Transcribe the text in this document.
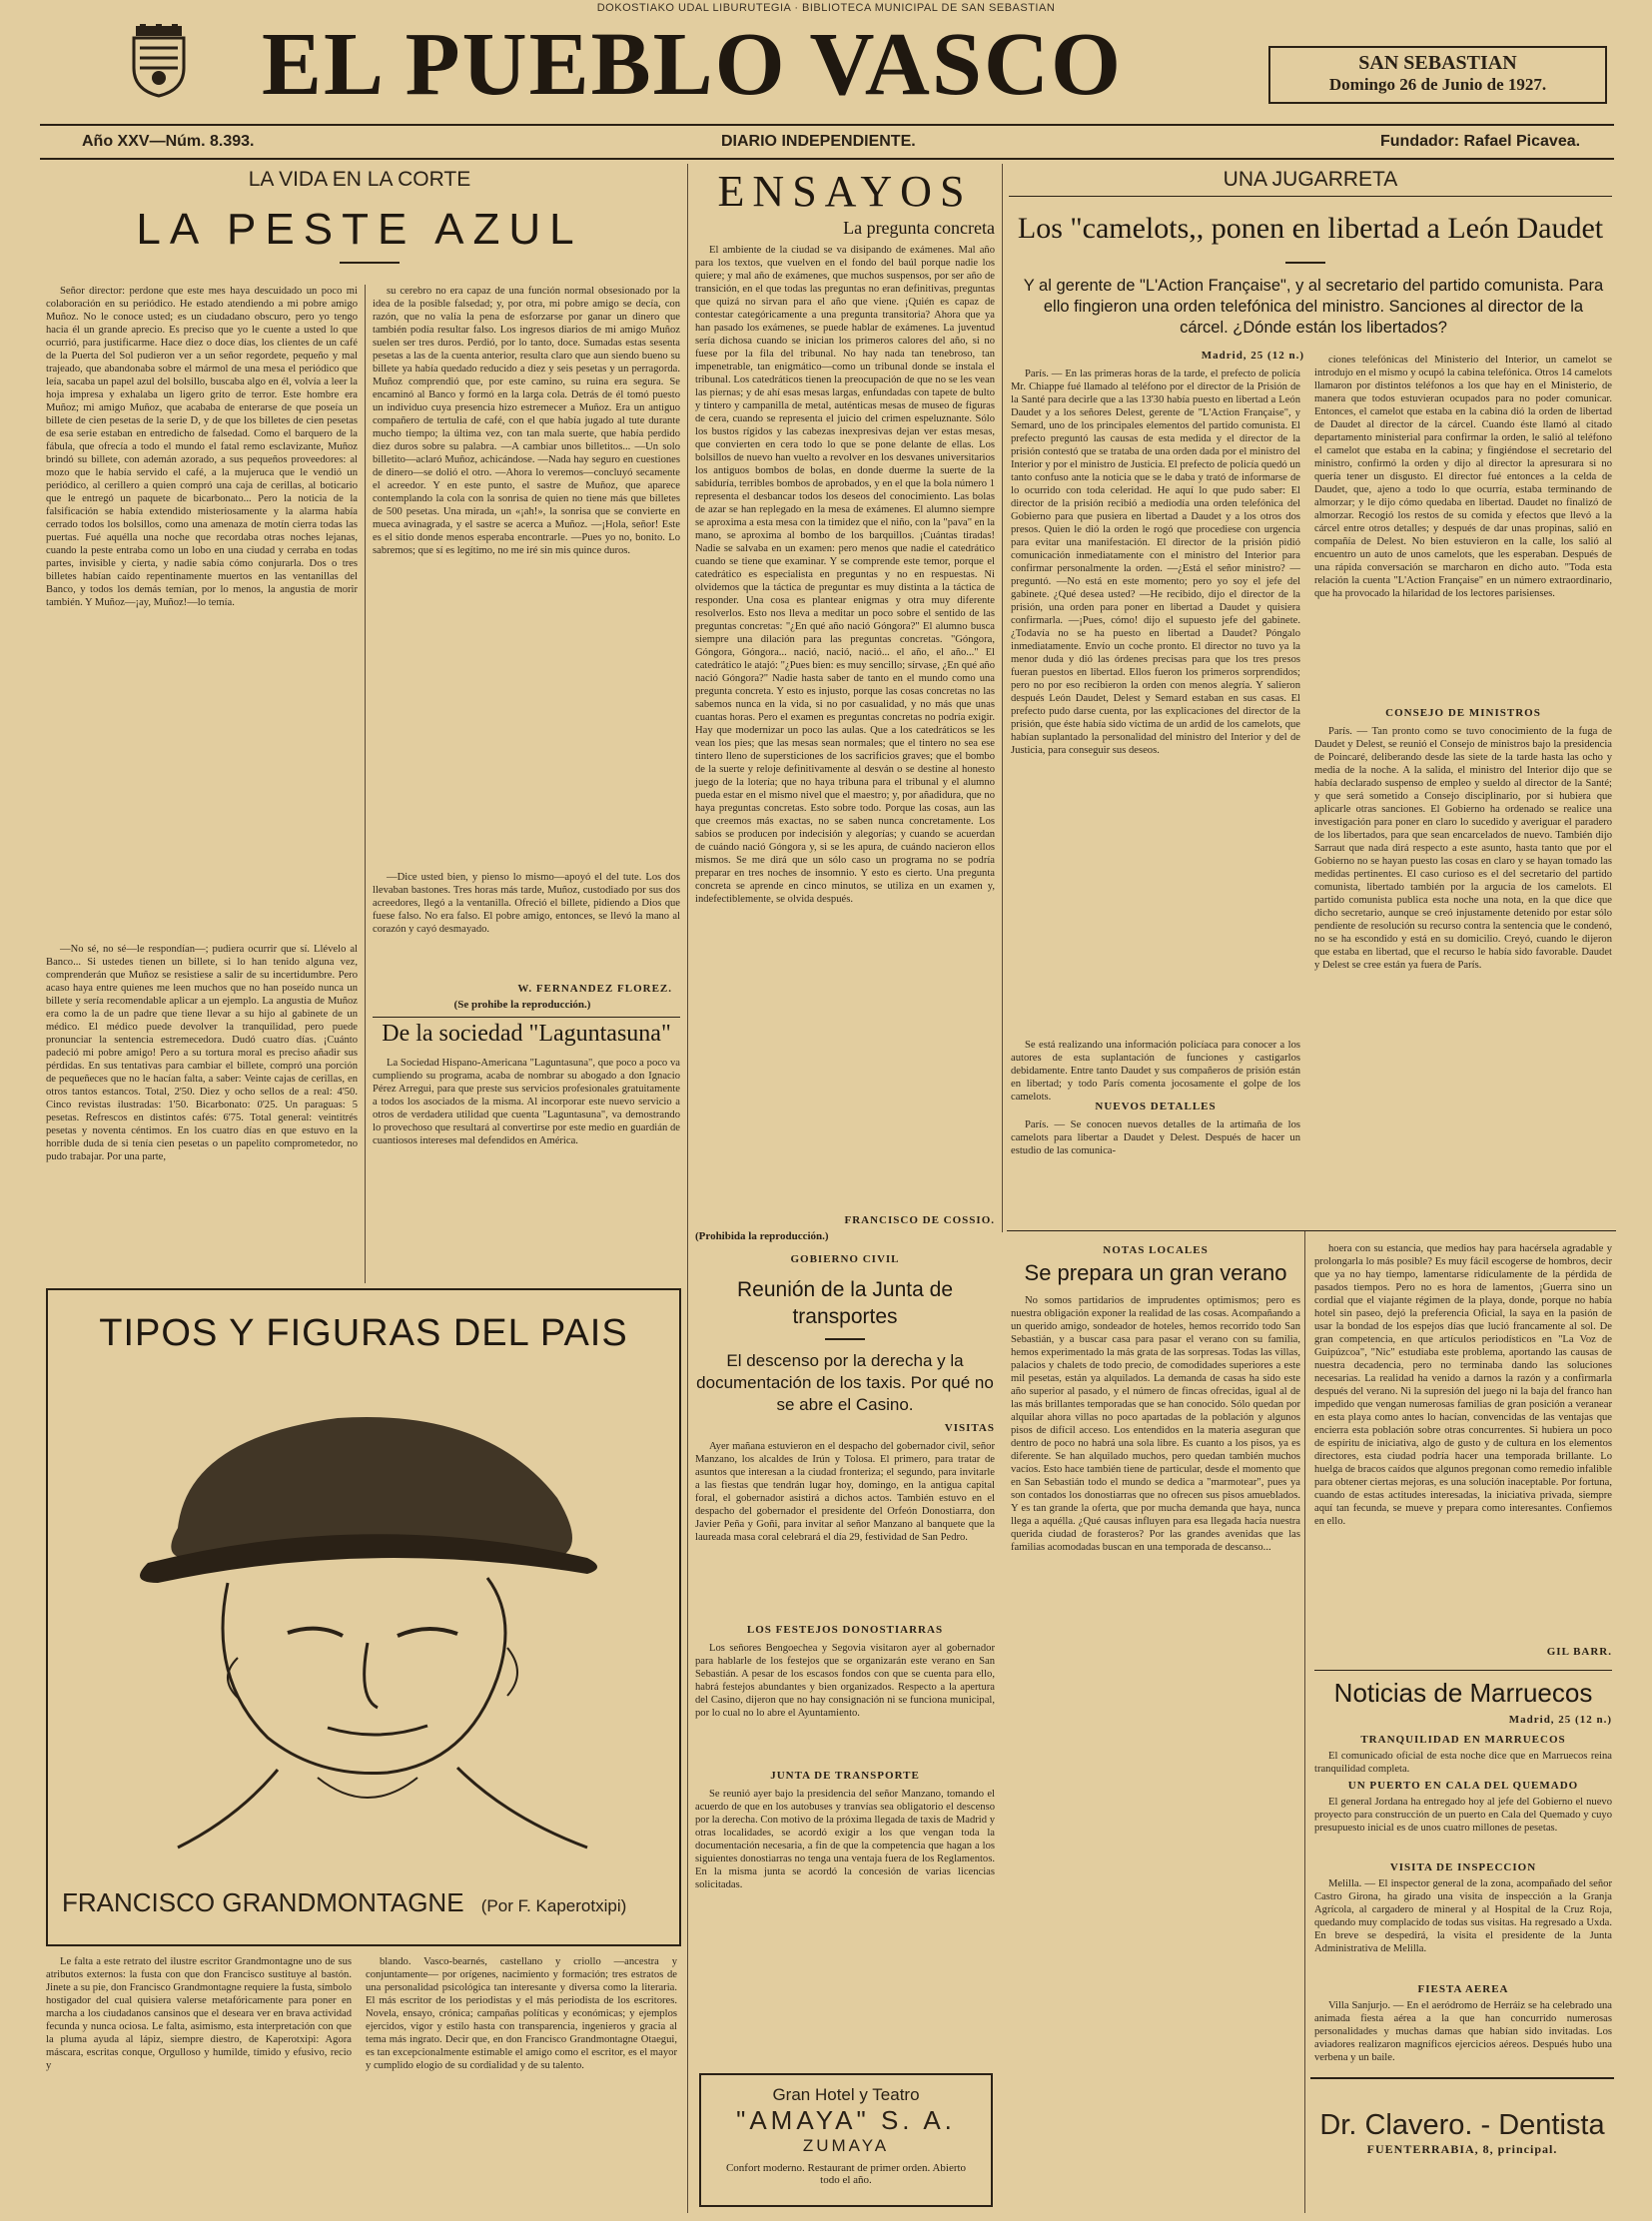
DOKOSTIAKO UDAL LIBURUTEGIA · BIBLIOTECA MUNICIPAL DE SAN SEBASTIAN
EL PUEBLO VASCO	SAN SEBASTIAN
Domingo 26 de Junio de 1927.
Año XXV—Núm. 8.393.	DIARIO INDEPENDIENTE.	Fundador: Rafael Picavea.
LA VIDA EN LA CORTE
LA PESTE AZUL

Señor director: perdone que este mes haya descuidado un poco mi colaboración en su periódico. He estado atendiendo a mi pobre amigo Muñoz. No le conoce usted; es un ciudadano obscuro, pero yo tengo hacia él un grande aprecio. Es preciso que yo le cuente a usted lo que ocurrió, para justificarme. Hace diez o doce días, los clientes de un café de la Puerta del Sol pudieron ver a un señor regordete, pequeño y mal trajeado, que abandonaba sobre el mármol de una mesa el periódico que leía, sacaba un papel azul del bolsillo, buscaba algo en él, volvía a leer la hoja impresa y exhalaba un ligero grito de terror. Este hombre era Muñoz; mi amigo Muñoz, que acababa de enterarse de que poseía un billete de cien pesetas de la serie D, y de que los billetes de cien pesetas de esa serie estaban en entredicho de falsedad. Como el barquero de la fábula, que ofrecía a todo el mundo el fatal remo esclavizante, Muñoz brindó su billete, con ademán azorado, a sus pequeños proveedores: al mozo que le había servido el café, a la mujeruca que le vendió un periódico, al cerillero a quien compró una caja de cerillas, al boticario que le entregó un paquete de bicarbonato... Pero la noticia de la falsificación se había extendido misteriosamente y la alarma había cerrado todos los bolsillos, como una amenaza de motín cierra todas las puertas. Fué aquélla una noche que recordaba otras noches lejanas, cuando la peste entraba como un lobo en una ciudad y cerraba en todas partes, invisible y cierta, y nadie sabía cómo conjurarla. Dos o tres billetes habían caído repentinamente muertos en las ventanillas del Banco, y todos los demás temían, por lo menos, la angustia de morir también. Y Muñoz—¡ay, Muñoz!—lo temía.

—No sé, no sé—le respondían—; pudiera ocurrir que sí. Llévelo al Banco... Si ustedes tienen un billete, si lo han tenido alguna vez, comprenderán que Muñoz se resistiese a salir de su incertidumbre. Pero acaso haya entre quienes me leen muchos que no han poseído nunca un billete y sería recomendable aplicar a un ejemplo. La angustia de Muñoz era como la de un padre que tiene llevar a su hijo al gabinete de un médico. El médico puede devolver la tranquilidad, pero puede pronunciar la sentencia estremecedora. Dudó cuatro días. ¡Cuánto padeció mi pobre amigo! Pero a su tortura moral es preciso añadir sus pérdidas. En sus tentativas para cambiar el billete, compró una porción de pequeñeces que no le hacían falta, a saber: Veinte cajas de cerillas, en otros tantos estancos. Total, 2'50. Diez y ocho sellos de a real: 4'50. Cinco revistas ilustradas: 1'50. Bicarbonato: 0'25. Un paraguas: 5 pesetas. Refrescos en distintos cafés: 6'75. Total general: veintitrés pesetas y noventa céntimos. En los cuatro días en que estuvo en la horrible duda de si tenía cien pesetas o un papelito comprometedor, no pudo trabajar. Por una parte,

su cerebro no era capaz de una función normal obsesionado por la idea de la posible falsedad; y, por otra, mi pobre amigo se decía, con razón, que no valía la pena de esforzarse por ganar un dinero que también podía resultar falso. Los ingresos diarios de mi amigo Muñoz suelen ser tres duros. Perdió, por lo tanto, doce. Sumadas estas sesenta pesetas a las de la cuenta anterior, resulta claro que aun siendo bueno su billete ya había quedado reducido a diez y seis pesetas y un perragorda. Muñoz comprendió que, por este camino, su ruina era segura. Se encaminó al Banco y formó en la larga cola. Detrás de él tomó puesto un individuo cuya presencia hizo estremecer a Muñoz. Era un antiguo compañero de tertulia de café, con el que había jugado al tute durante mucho tiempo; la última vez, con tan mala suerte, que había perdido diez duros sobre su palabra. —A cambiar unos billetitos... —Un solo billetito—aclaró Muñoz, achicándose. —Nada hay seguro en cuestiones de dinero—se dolió el otro. —Ahora lo veremos—concluyó secamente el acreedor. Y en este punto, el sastre de Muñoz, que aparece contemplando la cola con la sonrisa de quien no tiene más que billetes de 500 pesetas. Una mirada, un «¡ah!», la sonrisa que se convierte en mueca avinagrada, y el sastre se acerca a Muñoz. —¡Hola, señor! Este es el sitio donde menos esperaba encontrarle. —Pues yo no, bonito. Lo sabremos; que sí es legítimo, no me iré sin mis quince duros.

—Dice usted bien, y pienso lo mismo—apoyó el del tute. Los dos llevaban bastones. Tres horas más tarde, Muñoz, custodiado por sus dos acreedores, llegó a la ventanilla. Ofreció el billete, pidiendo a Dios que fuese falso. No era falso. El pobre amigo, entonces, se llevó la mano al corazón y cayó desmayado.

W. FERNANDEZ FLOREZ.
(Se prohibe la reproducción.)
De la sociedad "Laguntasuna"

La Sociedad Hispano-Americana "Laguntasuna", que poco a poco va cumpliendo su programa, acaba de nombrar su abogado a don Ignacio Pérez Arregui, para que preste sus servicios profesionales gratuitamente a todos los asociados de la misma. Al incorporar este nuevo servicio a otros de verdadera utilidad que cuenta "Laguntasuna", va demostrando lo provechoso que resultará al convertirse por este medio en guardián de cuantiosos intereses mal defendidos en América.

TIPOS Y FIGURAS DEL PAIS
FRANCISCO GRANDMONTAGNE (Por F. Kaperotxipi)

Le falta a este retrato del ilustre escritor Grandmontagne uno de sus atributos externos: la fusta con que don Francisco sustituye al bastón. Jinete a su pie, don Francisco Grandmontagne requiere la fusta, símbolo hostigador del cual quisiera valerse metafóricamente para poner en marcha a los ciudadanos cansinos que el deseara ver en brava actividad fecunda y nunca ociosa. Le falta, asimismo, esta interpretación con que la pluma ayuda al lápiz, siempre diestro, de Kaperotxipi: Agora máscara, escritas conque, Orgulloso y humilde, tímido y efusivo, recio y

blando. Vasco-bearnés, castellano y criollo —ancestra y conjuntamente— por orígenes, nacimiento y formación; tres estratos de una personalidad psicológica tan interesante y diversa como la literaria. El más escritor de los periodistas y el más periodista de los escritores. Novela, ensayo, crónica; campañas políticas y económicas; y ejemplos ejercidos, vigor y estilo hasta con transparencia, ingenieros y gracia al tema más ingrato. Decir que, en don Francisco Grandmontagne Otaegui, es tan excepcionalmente estimable el amigo como el escritor, es el mayor y cumplido elogio de su cordialidad y de su talento.

ENSAYOS
La pregunta concreta

El ambiente de la ciudad se va disipando de exámenes. Mal año para los textos, que vuelven en el fondo del baúl porque nadie los quiere; y mal año de exámenes, que muchos suspensos, por ser año de transición, en el que todas las preguntas no eran definitivas, preguntas que quizá no sirvan para el año que viene. ¡Quién es capaz de contestar categóricamente a una pregunta transitoria? Ahora que ya han pasado los exámenes, se puede hablar de exámenes. La juventud sería dichosa cuando se inician los primeros calores del año, si no fuese por la fila del tribunal. No hay nada tan tenebroso, tan impenetrable, tan enigmático—como un tribunal donde se instala el tribunal. Los catedráticos tienen la preocupación de que no se les vean las piernas; y de ahí esas mesas largas, enfundadas con tapete de bulto y tintero y campanilla de metal, auténticas mesas de museo de figuras de cera, cuando se representa el juicio del crimen espeluznante. Sólo los bustos rígidos y las cabezas inexpresivas dejan ver estas mesas, que convierten en cera todo lo que se pone delante de ellas. Los bolsillos de nuevo han vuelto a revolver en los desvanes universitarios los antiguos bombos de bolas, en donde duerme la suerte de la sabiduría, terribles bombos de aprobados, y en el que la bola número 1 representa el desbancar todos los deseos del conocimiento. Las bolas de azar se han replegado en la mesa de exámenes. El alumno siempre se aproxima a esta mesa con la timidez que el niño, con la "pava" en la mano, se aproxima al bombo de los barquillos. ¡Cuántas tiradas! Nadie se salvaba en un examen: pero menos que nadie el catedrático cuando se tiene que examinar. Y se comprende este temor, porque el catedrático es especialista en preguntas y no en respuestas. Ni olvidemos que la táctica de preguntar es muy distinta a la táctica de responder. Una cosa es plantear enigmas y otra muy diferente resolverlos. Esto nos lleva a meditar un poco sobre el sentido de las preguntas concretas: "¿En qué año nació Góngora?" El alumno busca siempre una dilación para las preguntas concretas. "Góngora, Góngora, Góngora... nació, nació, nació... el año, el año..." El catedrático le atajó: "¿Pues bien: es muy sencillo; sírvase, ¿En qué año nació Góngora?" Nadie hasta saber de tanto en el mundo como una pregunta concreta. Y esto es injusto, porque las cosas concretas no las sabemos nunca en la vida, si no por casualidad, y no más que unas cuantas horas. Pero el examen es preguntas concretas no podría exigir. Hay que modernizar un poco las aulas. Que a los catedráticos se les vean los pies; que las mesas sean normales; que el tintero no sea ese tintero lleno de supersticiones de los sacrificios graves; que el bombo de la suerte y reloje definitivamente al desván o se destine al honesto juego de la lotería; que no haya tribuna para el tribunal y el alumno pueda estar en el mismo nivel que el maestro; y, por añadidura, que no haya preguntas concretas. Esto sobre todo. Porque las cosas, aun las que creemos más exactas, no se saben nunca concretamente. Los sabios se producen por indecisión y alegorías; y cuando se acuerdan de cuándo nació Góngora y, si se les apura, de cuándo nacieron ellos mismos. Se me dirá que un sólo caso un programa no se podría preparar en tres noches de insomnio. Y esto es cierto. Una pregunta concreta se aprende en cinco minutos, se utiliza en un examen y, indefectiblemente, se olvida después.

FRANCISCO DE COSSIO.
(Prohibida la reproducción.)
GOBIERNO CIVIL
Reunión de la Junta de transportes
El descenso por la derecha y la documentación de los taxis. Por qué no se abre el Casino.
VISITAS

Ayer mañana estuvieron en el despacho del gobernador civil, señor Manzano, los alcaldes de Irún y Tolosa. El primero, para tratar de asuntos que interesan a la ciudad fronteriza; el segundo, para invitarle a las fiestas que tendrán lugar hoy, domingo, en la antigua capital foral, el gobernador asistirá a dichos actos. También estuvo en el despacho del gobernador el presidente del Orfeón Donostiarra, don Javier Peña y Goñi, para invitar al señor Manzano al banquete que la laureada masa coral celebrará el día 29, festividad de San Pedro.

LOS FESTEJOS DONOSTIARRAS

Los señores Bengoechea y Segovia visitaron ayer al gobernador para hablarle de los festejos que se organizarán este verano en San Sebastián. A pesar de los escasos fondos con que se cuenta para ello, habrá festejos abundantes y bien organizados. Respecto a la apertura del Casino, dijeron que no hay consignación ni se funciona municipal, por lo cual no lo abre el Ayuntamiento.

JUNTA DE TRANSPORTE

Se reunió ayer bajo la presidencia del señor Manzano, tomando el acuerdo de que en los autobuses y tranvías sea obligatorio el descenso por la derecha. Con motivo de la próxima llegada de taxis de Madrid y otras localidades, se acordó exigir a los que vengan toda la documentación necesaria, a fin de que la competencia que hagan a los siguientes donostiarras no tenga una ventaja fuera de los Reglamentos. En la misma junta se acordó la concesión de varias licencias solicitadas.

Gran Hotel y Teatro
"AMAYA" S. A.
ZUMAYA
Confort moderno. Restaurant de primer orden. Abierto todo el año.
UNA JUGARRETA
Los "camelots,, ponen en libertad a León Daudet
Y al gerente de "L'Action Française", y al secretario del partido comunista. Para ello fingieron una orden telefónica del ministro. Sanciones al director de la cárcel. ¿Dónde están los libertados?
Madrid, 25 (12 n.)

París. — En las primeras horas de la tarde, el prefecto de policía Mr. Chiappe fué llamado al teléfono por el director de la Prisión de la Santé para decirle que a las 13'30 había puesto en libertad a León Daudet y a los señores Delest, gerente de "L'Action Française", y Semard, uno de los principales elementos del partido comunista. El prefecto preguntó las causas de esta medida y el director de la prisión contestó que se trataba de una orden dada por el ministro del Interior y por el ministro de Justicia. El prefecto de policía quedó un tanto confuso ante la noticia que se le daba y trató de informarse de lo ocurrido con toda celeridad. He aquí lo que pudo saber: El director de la prisión recibió a mediodía una orden telefónica del Gobierno para que pusiera en libertad a Daudet y a los otros dos presos. Quien le dió la orden le rogó que procediese con urgencia para evitar una manifestación. El director de la prisión pidió comunicación inmediatamente con el ministro del Interior para confirmar personalmente la orden. —¿Está el señor ministro? —preguntó. —No está en este momento; pero yo soy el jefe del gabinete. ¿Qué desea usted? —He recibido, dijo el director de la prisión, una orden para poner en libertad a Daudet y quisiera confirmarla. —¡Pues, cómo! dijo el supuesto jefe del gabinete. ¿Todavía no se ha puesto en libertad a Daudet? Póngalo inmediatamente. Envío un coche pronto. El director no tuvo ya la menor duda y dió las órdenes precisas para que los tres presos fueran puestos en libertad. Ellos fueron los primeros sorprendidos; pero no por eso recibieron la orden con menos alegría. Y salieron después León Daudet, Delest y Semard estaban en sus casas. El prefecto pudo darse cuenta, por las explicaciones del director de la prisión, que éste había sido víctima de un ardid de los camelots, que habían suplantado la personalidad del ministro del Interior y del de Justicia, para conseguir sus deseos.

Se está realizando una información policíaca para conocer a los autores de esta suplantación de funciones y castigarlos debidamente. Entre tanto Daudet y sus compañeros de prisión están en libertad; y todo París comenta jocosamente el golpe de los camelots.

NUEVOS DETALLES

París. — Se conocen nuevos detalles de la artimaña de los camelots para libertar a Daudet y Delest. Después de hacer un estudio de las comunica-

ciones telefónicas del Ministerio del Interior, un camelot se introdujo en el mismo y ocupó la cabina telefónica. Otros 14 camelots llamaron por distintos teléfonos a los que hay en el Ministerio, de manera que todos estuvieran ocupados para no poder comunicar. Entonces, el camelot que estaba en la cabina dió la orden de libertad de Daudet al director de la cárcel. Cuando éste llamó al citado departamento ministerial para confirmar la orden, le salió al teléfono el camelot que estaba en la cabina; y fingiéndose el secretario del ministro, confirmó la orden y dijo al director la apresurara si no quería tener un disgusto. El director fué entonces a la celda de Daudet, que, ajeno a todo lo que ocurría, estaba terminando de almorzar; y le dijo cómo quedaba en libertad. Daudet no finalizó de almorzar. Recogió los restos de su comida y efectos que llevó a la cárcel entre otros detalles; y después de dar unas propinas, salió en compañía de Delest. No bien estuvieron en la calle, los salió al encuentro un auto de unos camelots, que les esperaban. Después de una rápida conversación se marcharon en dicho auto. "Toda esta relación la cuenta "L'Action Française" en un número extraordinario, que ha provocado la hilaridad de los lectores parisienses.

CONSEJO DE MINISTROS

París. — Tan pronto como se tuvo conocimiento de la fuga de Daudet y Delest, se reunió el Consejo de ministros bajo la presidencia de Poincaré, deliberando desde las siete de la tarde hasta las ocho y media de la noche. A la salida, el ministro del Interior dijo que se había declarado suspenso de empleo y sueldo al director de la Santé; y que será sometido a Consejo disciplinario, por si hubiera que aplicarle otras sanciones. El Gobierno ha ordenado se realice una investigación para poner en claro lo sucedido y averiguar el paradero de los libertados, para que sean encarcelados de nuevo. También dijo Sarraut que nada dirá respecto a este asunto, hasta tanto que por el Gobierno no se hayan puesto las cosas en claro y se hayan tomado las medidas pertinentes. El caso curioso es el del secretario del partido comunista, libertado también por la argucia de los camelots. El partido comunista publica esta noche una nota, en la que dice que dicho secretario, aunque se creó injustamente detenido por estar sólo pendiente de resolución su recurso contra la sentencia que le condenó, no se ha escondido y está en su domicilio. Creyó, cuando le dijeron que estaba en libertad, que el recurso le había sido favorable. Daudet y Delest se cree están ya fuera de París.

NOTAS LOCALES
Se prepara un gran verano

No somos partidarios de imprudentes optimismos; pero es nuestra obligación exponer la realidad de las cosas. Acompañando a un querido amigo, sondeador de hoteles, hemos recorrido todo San Sebastián, y a buscar casa para pasar el verano con su familia, hemos experimentado la más grata de las sorpresas. Todas las villas, palacios y chalets de todo precio, de comodidades superiores a este mil pesetas, están ya alquilados. La demanda de casas ha sido este año superior al pasado, y el número de fincas ofrecidas, igual al de las más brillantes temporadas que se han conocido. Sólo quedan por alquilar ahora villas no poco apartadas de la población y algunos pisos de difícil acceso. Los entendidos en la materia aseguran que dentro de poco no habrá una sola libre. Es cuanto a los pisos, ya es diferente. Se han alquilado muchos, pero quedan también muchos vacíos. Esto hace también tiene de particular, desde el momento que en San Sebastián todo el mundo se dedica a "marmotear", pues ya son contados los donostiarras que no ofrecen sus pisos amueblados. Y es tan grande la oferta, que por mucha demanda que haya, nunca llega a aquélla. ¿Qué causas influyen para esa llegada hacia nuestra querida ciudad de forasteros? Por las grandes avenidas que las familias acomodadas buscan en una temporada de descanso...

hoera con su estancia, que medios hay para hacérsela agradable y prolongarla lo más posible? Es muy fácil escogerse de hombros, decir que ya no hay tiempo, lamentarse ridículamente de la pérdida de pasados tiempos. Pero no es hora de lamentos, ¡Guerra sino un cordial que el viajante régimen de la playa, donde, porque no había hotel sin paseo, dejó la preferencia Oficial, la saya en la pasión de usar la bondad de los espejos días que lució francamente al sol. De gran competencia, en que artículos periodísticos en "La Voz de Guipúzcoa", "Nic" estudiaba este problema, aportando las causas de nuestra decadencia, pero no terminaba dando las soluciones necesarias. La realidad ha venido a darnos la razón y a confirmarla después del verano. Ni la supresión del juego ni la baja del franco han impedido que vengan numerosas familias de gran posición a veranear en esta playa como antes lo hacían, convencidas de las ventajas que encierra esta población sobre otras concurrentes. Si hubiera un poco de espíritu de iniciativa, algo de gusto y de cultura en los elementos directores, esta ciudad podría hacer una temporada brillante. Lo huelga de bracos caídos que algunos pregonan como remedio infalible para obtener ciertas mejoras, es una solución inaceptable. Por fortuna, cuando de estas actitudes interesadas, la iniciativa privada, siempre aquí tan fecunda, se mueve y prepara como interesantes. Confiemos en ello.

GIL BARR.
Noticias de Marruecos
Madrid, 25 (12 n.)
TRANQUILIDAD EN MARRUECOS

El comunicado oficial de esta noche dice que en Marruecos reina tranquilidad completa.

UN PUERTO EN CALA DEL QUEMADO

El general Jordana ha entregado hoy al jefe del Gobierno el nuevo proyecto para construcción de un puerto en Cala del Quemado y cuyo presupuesto inicial es de unos cuatro millones de pesetas.

VISITA DE INSPECCION

Melilla. — El inspector general de la zona, acompañado del señor Castro Girona, ha girado una visita de inspección a la Granja Agrícola, al cargadero de mineral y al Hospital de la Cruz Roja, quedando muy complacido de todas sus visitas. Ha regresado a Uxda. En breve se despedirá, la visita el presidente de la Junta Administrativa de Melilla.

FIESTA AEREA

Villa Sanjurjo. — En el aeródromo de Herráiz se ha celebrado una animada fiesta aérea a la que han concurrido numerosas personalidades y muchas damas que habían sido invitadas. Los aviadores realizaron magníficos ejercicios aéreos. Después hubo una verbena y un baile.

Dr. Clavero. - Dentista
FUENTERRABIA, 8, principal.
